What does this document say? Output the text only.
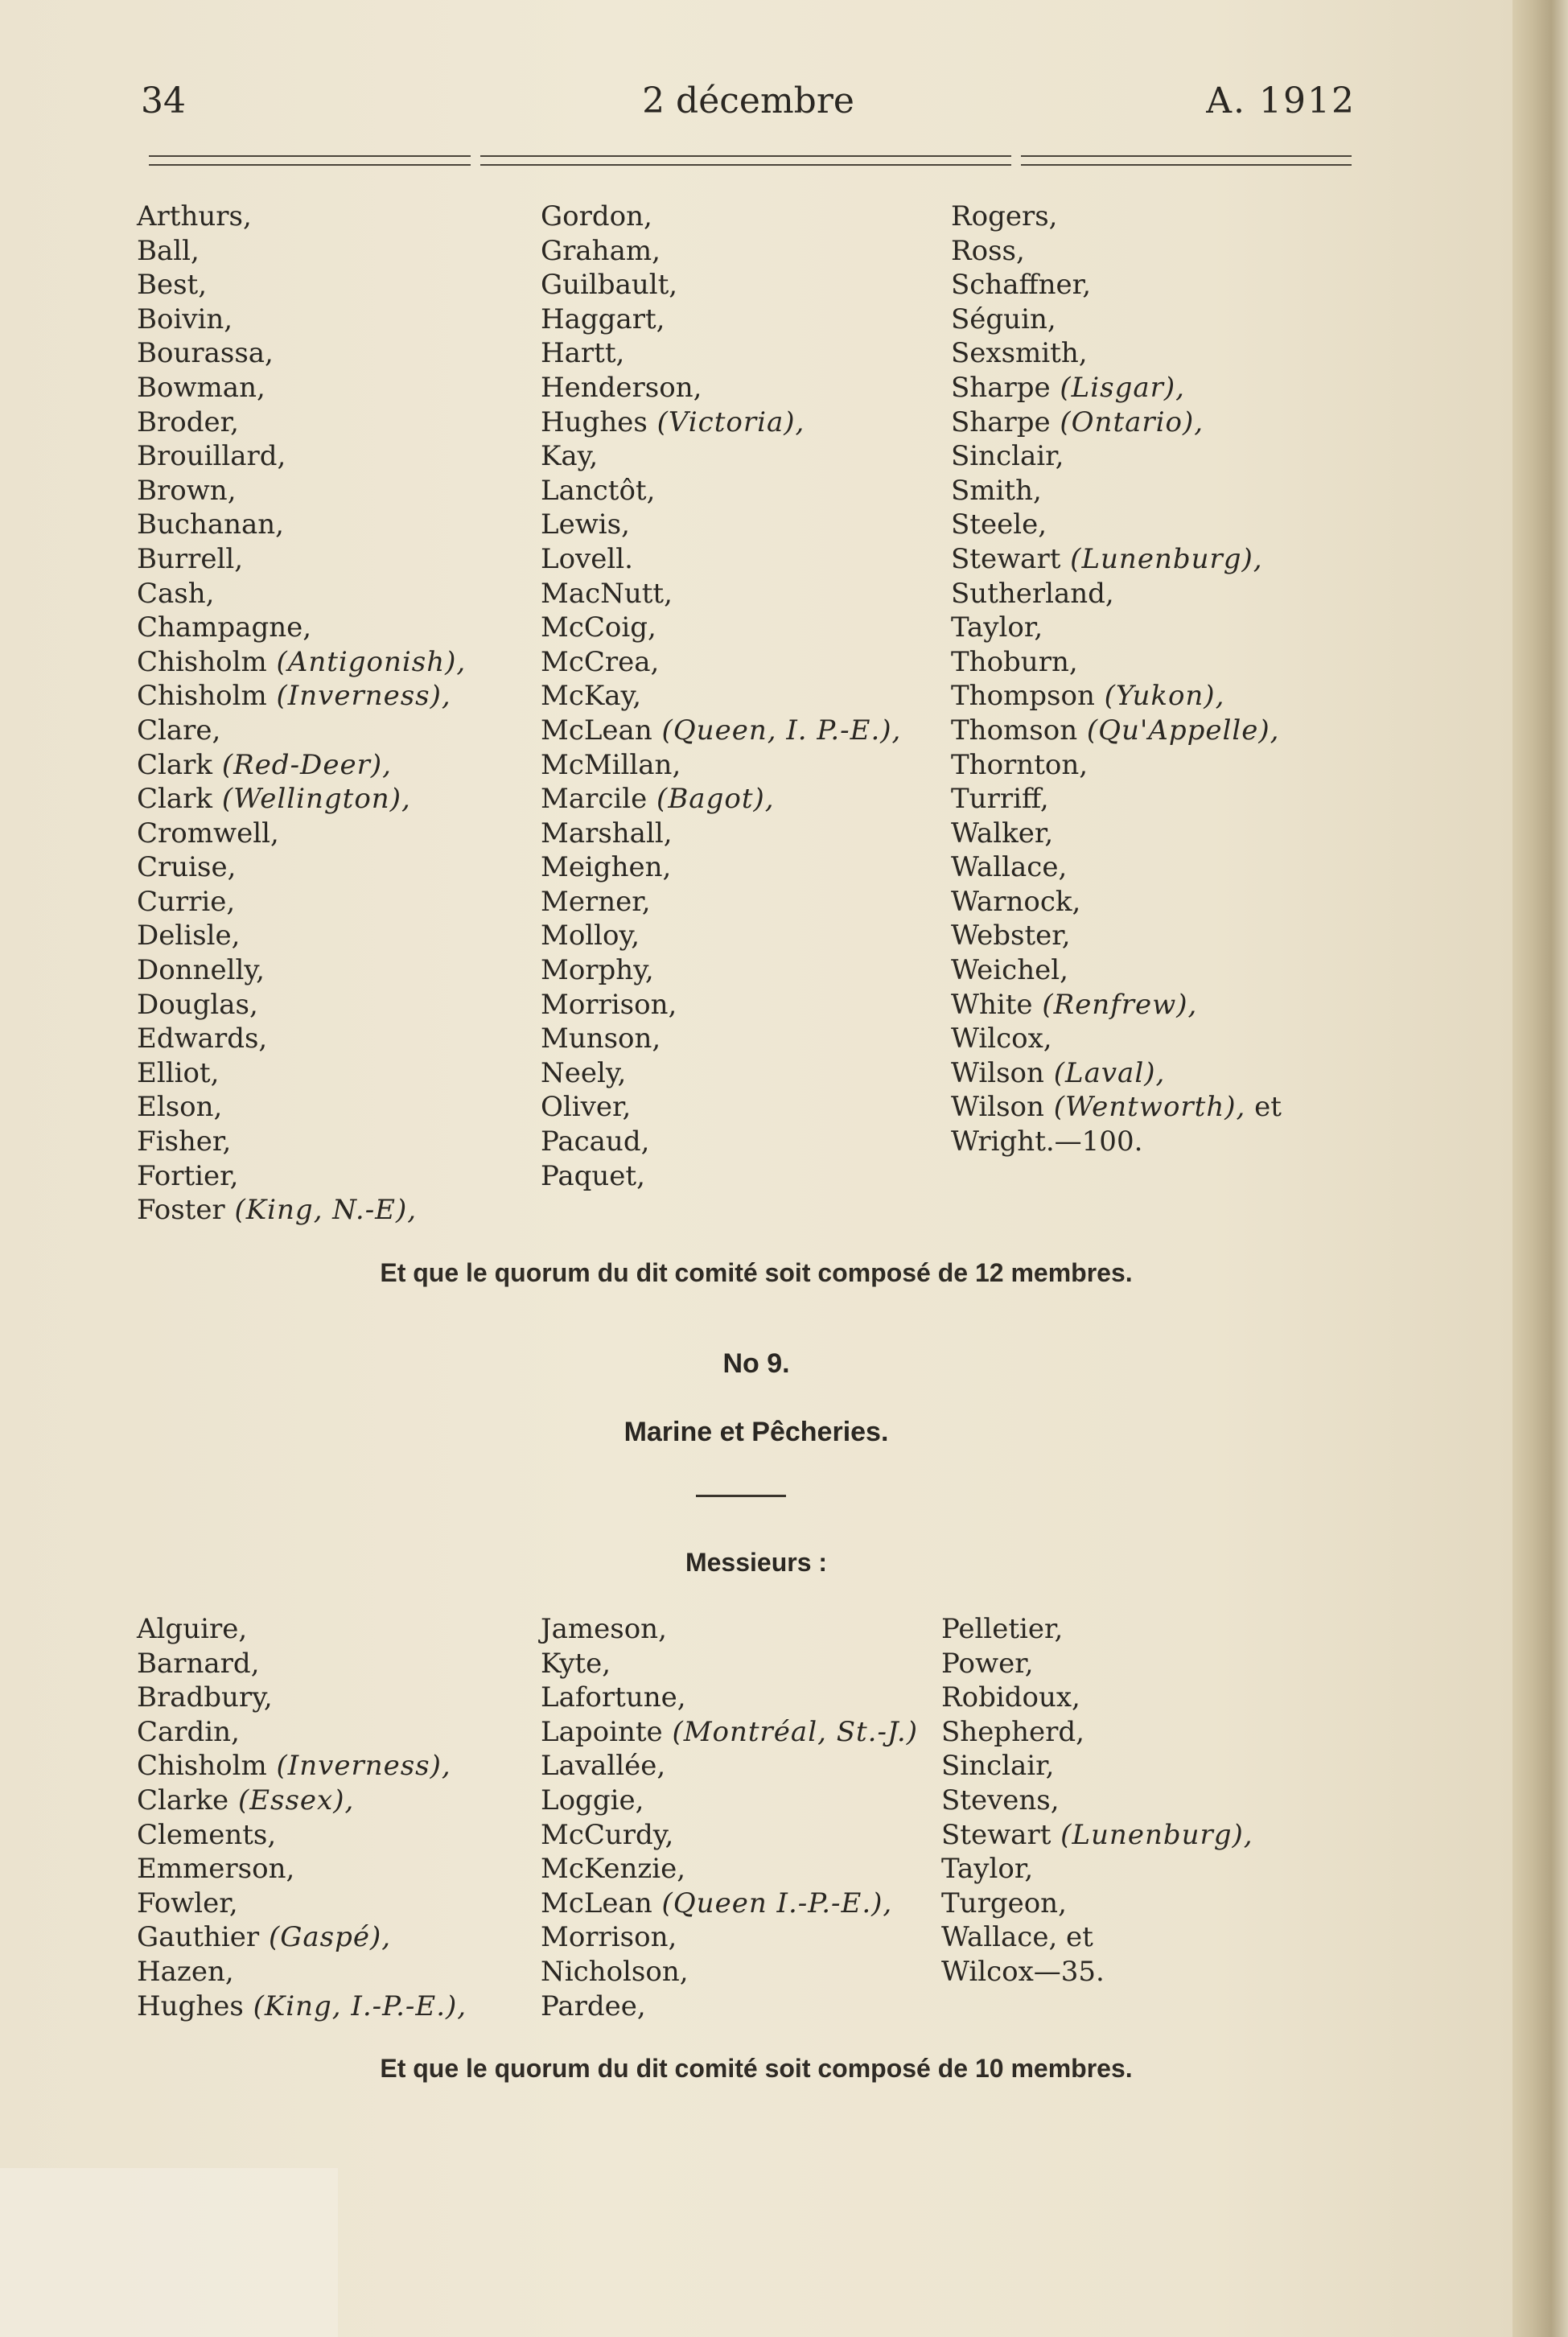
34	2 décembre	A. 1912
Arthurs,
Ball,
Best,
Boivin,
Bourassa,
Bowman,
Broder,
Brouillard,
Brown,
Buchanan,
Burrell,
Cash,
Champagne,
Chisholm (Antigonish),
Chisholm (Inverness),
Clare,
Clark (Red-Deer),
Clark (Wellington),
Cromwell,
Cruise,
Currie,
Delisle,
Donnelly,
Douglas,
Edwards,
Elliot,
Elson,
Fisher,
Fortier,
Foster (King, N.-E),
Gordon,
Graham,
Guilbault,
Haggart,
Hartt,
Henderson,
Hughes (Victoria),
Kay,
Lanctôt,
Lewis,
Lovell.
MacNutt,
McCoig,
McCrea,
McKay,
McLean (Queen, I. P.-E.),
McMillan,
Marcile (Bagot),
Marshall,
Meighen,
Merner,
Molloy,
Morphy,
Morrison,
Munson,
Neely,
Oliver,
Pacaud,
Paquet,
Rogers,
Ross,
Schaffner,
Séguin,
Sexsmith,
Sharpe (Lisgar),
Sharpe (Ontario),
Sinclair,
Smith,
Steele,
Stewart (Lunenburg),
Sutherland,
Taylor,
Thoburn,
Thompson (Yukon),
Thomson (Qu'Appelle),
Thornton,
Turriff,
Walker,
Wallace,
Warnock,
Webster,
Weichel,
White (Renfrew),
Wilcox,
Wilson (Laval),
Wilson (Wentworth), et
Wright.—100.
Et que le quorum du dit comité soit composé de 12 membres.
No 9.
Marine et Pêcheries.
Messieurs :
Alguire,
Barnard,
Bradbury,
Cardin,
Chisholm (Inverness),
Clarke (Essex),
Clements,
Emmerson,
Fowler,
Gauthier (Gaspé),
Hazen,
Hughes (King, I.-P.-E.),
Jameson,
Kyte,
Lafortune,
Lapointe (Montréal, St.-J.)
Lavallée,
Loggie,
McCurdy,
McKenzie,
McLean (Queen I.-P.-E.),
Morrison,
Nicholson,
Pardee,
Pelletier,
Power,
Robidoux,
Shepherd,
Sinclair,
Stevens,
Stewart (Lunenburg),
Taylor,
Turgeon,
Wallace, et
Wilcox—35.
Et que le quorum du dit comité soit composé de 10 membres.
